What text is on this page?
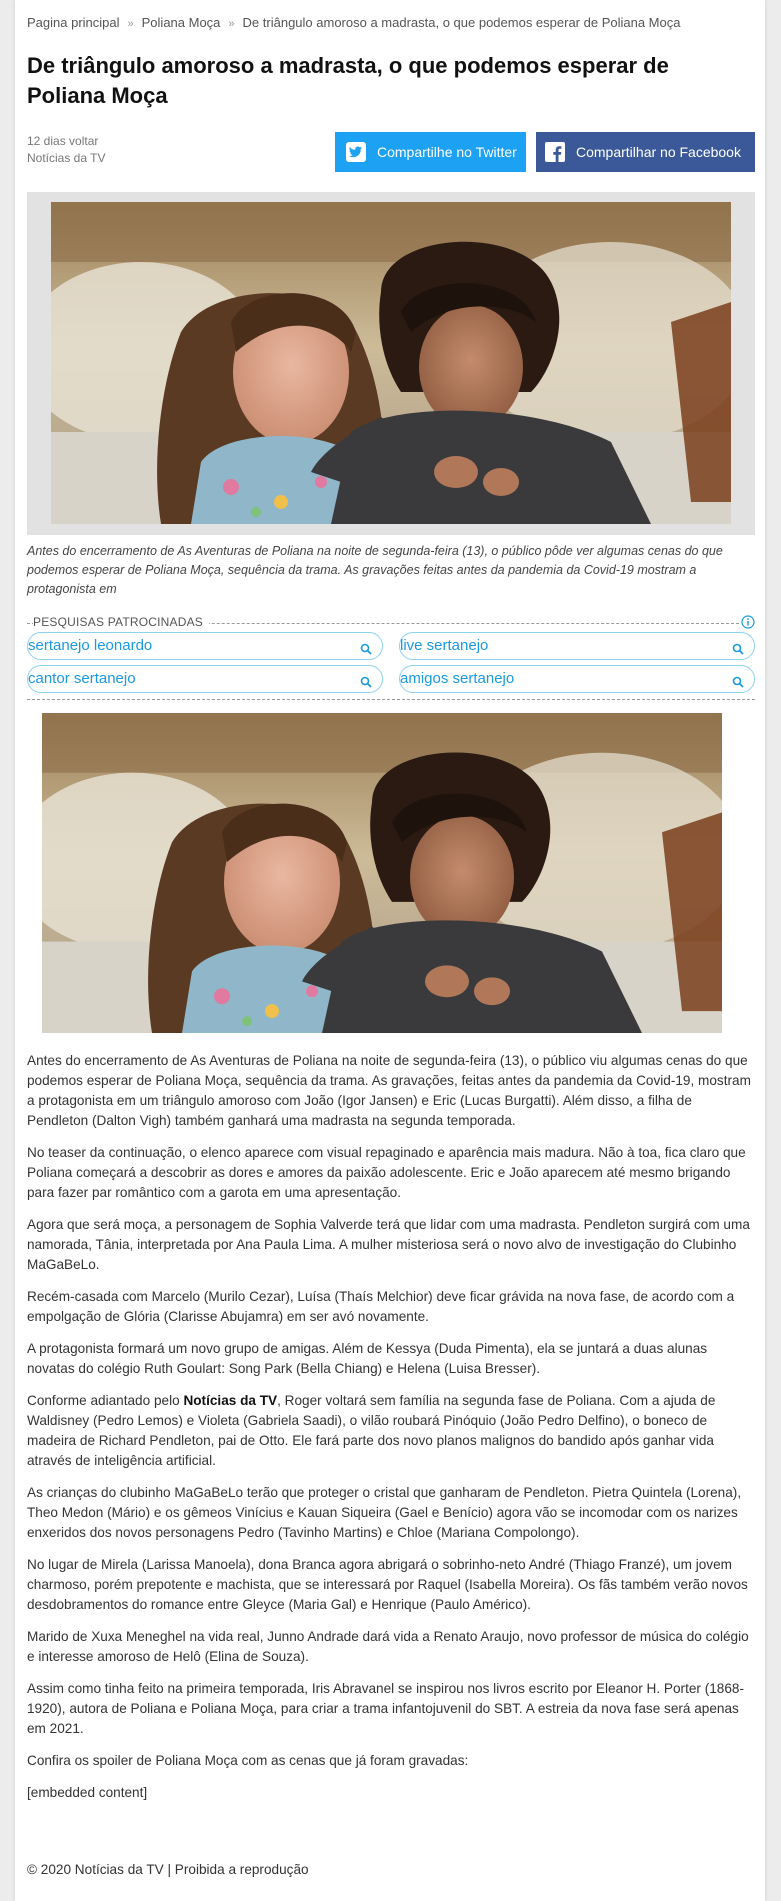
Pagina principal » Poliana Moça » De triângulo amoroso a madrasta, o que podemos esperar de Poliana Moça
De triângulo amoroso a madrasta, o que podemos esperar de Poliana Moça
12 dias voltar
Notícias da TV	Compartilhe no Twitter	Compartilhar no Facebook
Antes do encerramento de As Aventuras de Poliana na noite de segunda-feira (13), o público pôde ver algumas cenas do que podemos esperar de Poliana Moça, sequência da trama. As gravações feitas antes da pandemia da Covid-19 mostram a protagonista em
PESQUISAS PATROCINADAS
sertanejo leonardo	live sertanejo
cantor sertanejo	amigos sertanejo

Antes do encerramento de As Aventuras de Poliana na noite de segunda-feira (13), o público viu algumas cenas do que podemos esperar de Poliana Moça, sequência da trama. As gravações, feitas antes da pandemia da Covid-19, mostram a protagonista em um triângulo amoroso com João (Igor Jansen) e Eric (Lucas Burgatti). Além disso, a filha de Pendleton (Dalton Vigh) também ganhará uma madrasta na segunda temporada.

No teaser da continuação, o elenco aparece com visual repaginado e aparência mais madura. Não à toa, fica claro que Poliana começará a descobrir as dores e amores da paixão adolescente. Eric e João aparecem até mesmo brigando para fazer par romântico com a garota em uma apresentação.

Agora que será moça, a personagem de Sophia Valverde terá que lidar com uma madrasta. Pendleton surgirá com uma namorada, Tânia, interpretada por Ana Paula Lima. A mulher misteriosa será o novo alvo de investigação do Clubinho MaGaBeLo.

Recém-casada com Marcelo (Murilo Cezar), Luísa (Thaís Melchior) deve ficar grávida na nova fase, de acordo com a empolgação de Glória (Clarisse Abujamra) em ser avó novamente.

A protagonista formará um novo grupo de amigas. Além de Kessya (Duda Pimenta), ela se juntará a duas alunas novatas do colégio Ruth Goulart: Song Park (Bella Chiang) e Helena (Luisa Bresser).

Conforme adiantado pelo Notícias da TV, Roger voltará sem família na segunda fase de Poliana. Com a ajuda de Waldisney (Pedro Lemos) e Violeta (Gabriela Saadi), o vilão roubará Pinóquio (João Pedro Delfino), o boneco de madeira de Richard Pendleton, pai de Otto. Ele fará parte dos novo planos malignos do bandido após ganhar vida através de inteligência artificial.

As crianças do clubinho MaGaBeLo terão que proteger o cristal que ganharam de Pendleton. Pietra Quintela (Lorena), Theo Medon (Mário) e os gêmeos Vinícius e Kauan Siqueira (Gael e Benício) agora vão se incomodar com os narizes enxeridos dos novos personagens Pedro (Tavinho Martins) e Chloe (Mariana Compolongo).

No lugar de Mirela (Larissa Manoela), dona Branca agora abrigará o sobrinho-neto André (Thiago Franzé), um jovem charmoso, porém prepotente e machista, que se interessará por Raquel (Isabella Moreira). Os fãs também verão novos desdobramentos do romance entre Gleyce (Maria Gal) e Henrique (Paulo Américo).

Marido de Xuxa Meneghel na vida real, Junno Andrade dará vida a Renato Araujo, novo professor de música do colégio e interesse amoroso de Helô (Elina de Souza).

Assim como tinha feito na primeira temporada, Iris Abravanel se inspirou nos livros escrito por Eleanor H. Porter (1868-1920), autora de Poliana e Poliana Moça, para criar a trama infantojuvenil do SBT. A estreia da nova fase será apenas em 2021.

Confira os spoiler de Poliana Moça com as cenas que já foram gravadas:

[embedded content]

© 2020 Notícias da TV | Proibida a reprodução
